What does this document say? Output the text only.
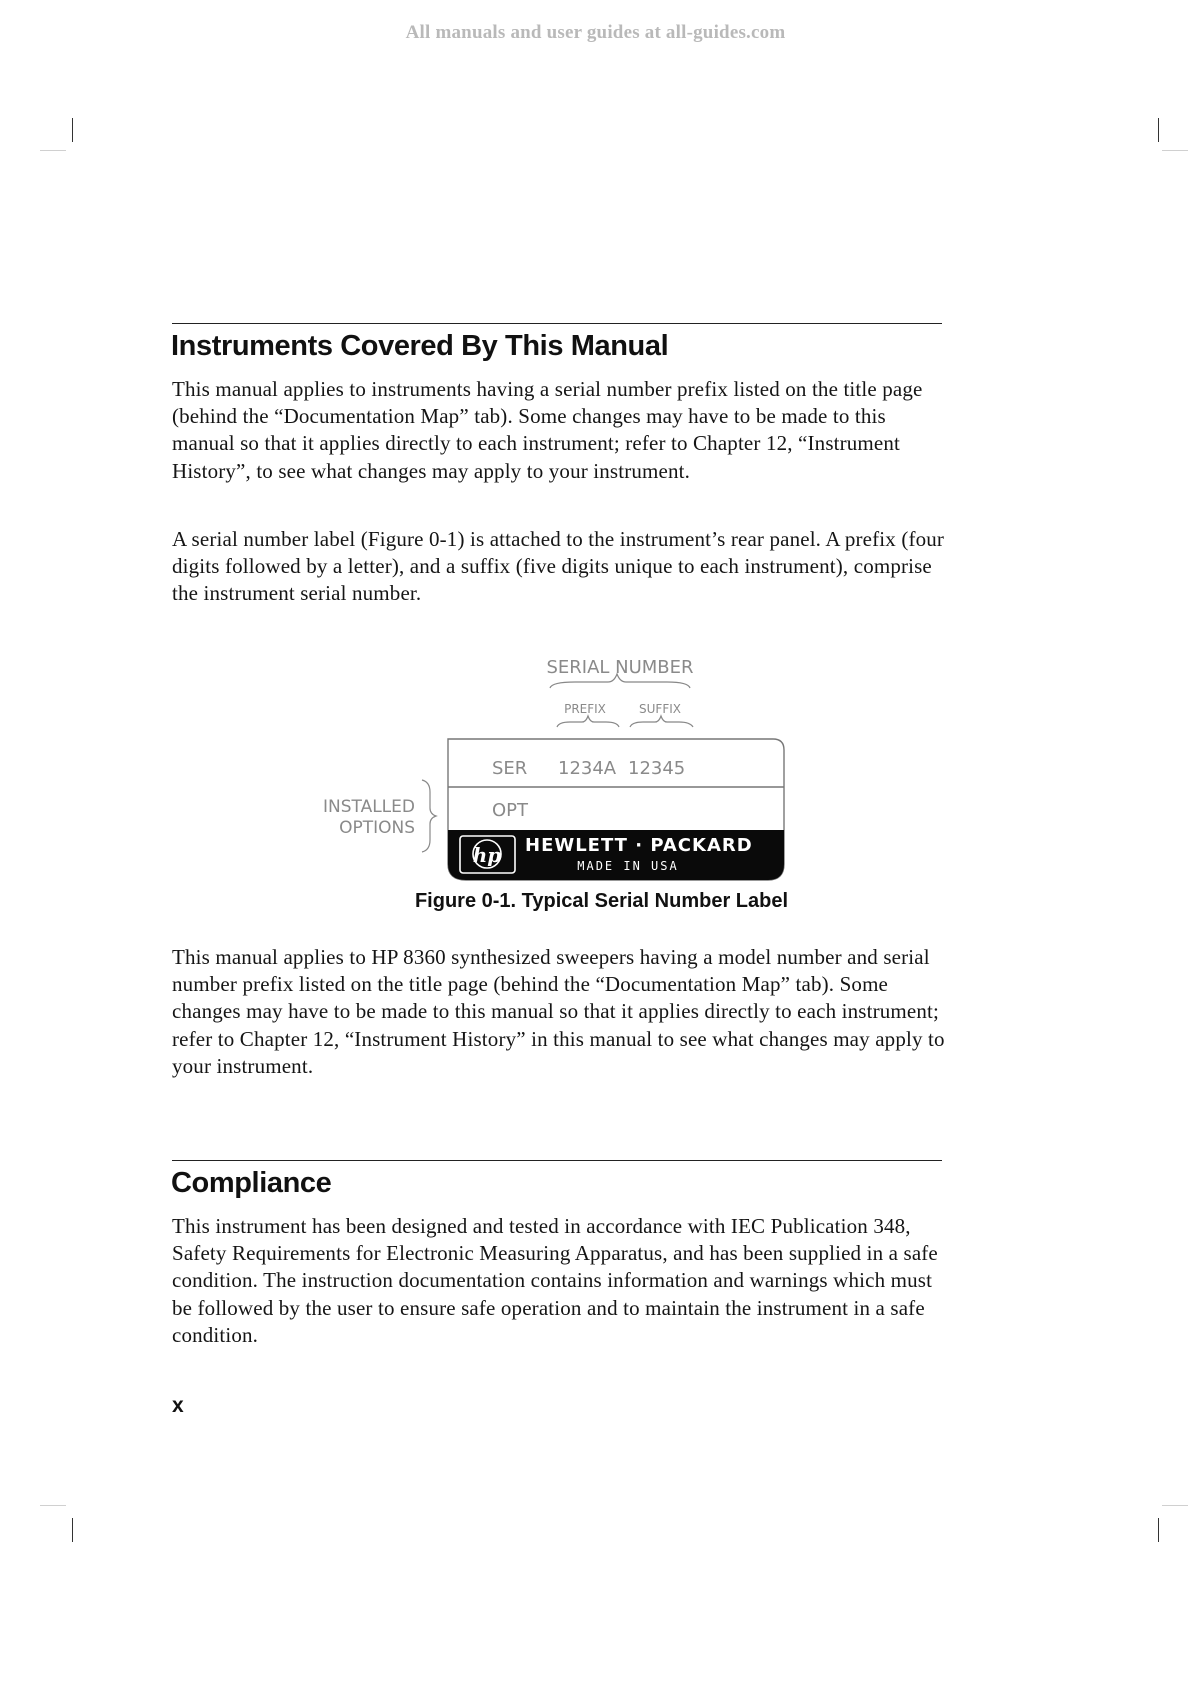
All manuals and user guides at all-guides.com
Instruments Covered By This Manual

This manual applies to instruments having a serial number prefix listed on the title page (behind the “Documentation Map” tab). Some changes may have to be made to this manual so that it applies directly to each instrument; refer to Chapter 12, “Instrument History”, to see what changes may apply to your instrument.

A serial number label (Figure 0-1) is attached to the instrument’s rear panel. A prefix (four digits followed by a letter), and a suffix (five digits unique to each instrument), comprise the instrument serial number.

SERIAL NUMBER
PREFIX	SUFFIX
SER 1234A 12345
OPT
INSTALLED
OPTIONS
hp HEWLETT · PACKARD
MADE IN USA
Figure 0-1. Typical Serial Number Label

This manual applies to HP 8360 synthesized sweepers having a model number and serial number prefix listed on the title page (behind the “Documentation Map” tab). Some changes may have to be made to this manual so that it applies directly to each instrument; refer to Chapter 12, “Instrument History” in this manual to see what changes may apply to your instrument.

Compliance

This instrument has been designed and tested in accordance with IEC Publication 348, Safety Requirements for Electronic Measuring Apparatus, and has been supplied in a safe condition. The instruction documentation contains information and warnings which must be followed by the user to ensure safe operation and to maintain the instrument in a safe condition.

x
